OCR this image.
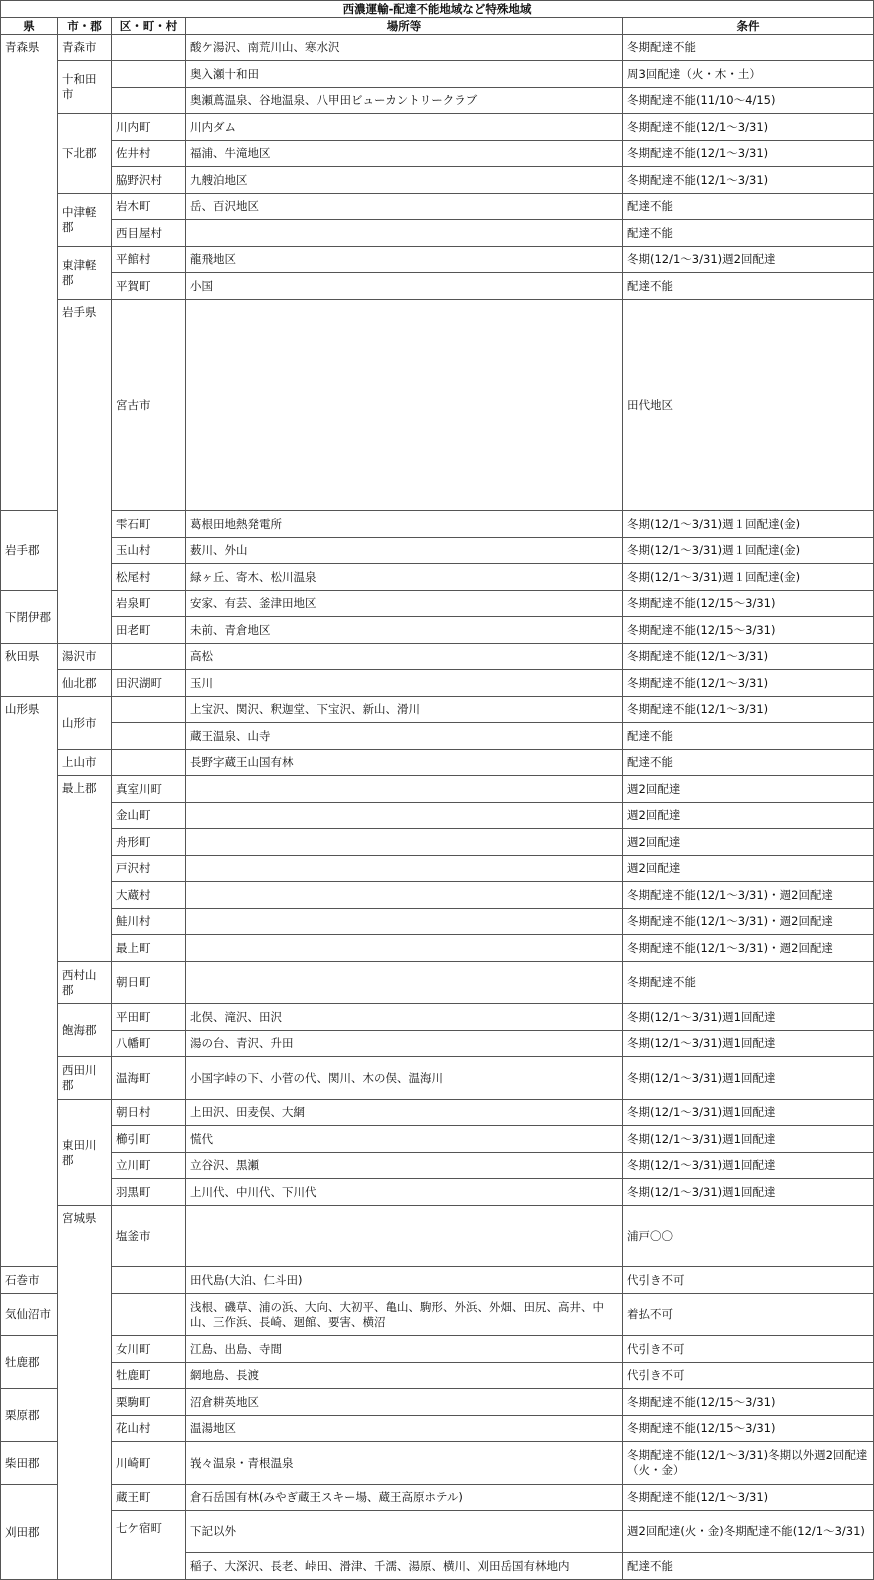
西濃運輸-配達不能地域など特殊地域					
県	市・郡	区・町・村	場所等	条件	
青森県	青森市		酸ケ湯沢、南荒川山、寒水沢	冬期配達不能	
	十和田市		奥入瀬十和田	周3回配達（火・木・土）	
			奥瀬蔦温泉、谷地温泉、八甲田ビューカントリークラブ	冬期配達不能(11/10～4/15)	
	下北郡	川内町	川内ダム	冬期配達不能(12/1～3/31)	
		佐井村	福浦、牛滝地区	冬期配達不能(12/1～3/31)	
		脇野沢村	九艘泊地区	冬期配達不能(12/1～3/31)	
	中津軽郡	岩木町	岳、百沢地区	配達不能	
		西目屋村		配達不能	
	東津軽郡	平館村	龍飛地区	冬期(12/1～3/31)週2回配達	
		平賀町	小国	配達不能	
	岩手県	宮古市		田代地区	
岩手郡		雫石町	葛根田地熱発電所	冬期(12/1～3/31)週１回配達(金)	
		玉山村	薮川、外山	冬期(12/1～3/31)週１回配達(金)	
		松尾村	緑ヶ丘、寄木、松川温泉	冬期(12/1～3/31)週１回配達(金)	
下閉伊郡		岩泉町	安家、有芸、釜津田地区	冬期配達不能(12/15～3/31)	
		田老町	未前、青倉地区	冬期配達不能(12/15～3/31)	
秋田県	湯沢市		高松	冬期配達不能(12/1～3/31)	
	仙北郡	田沢湖町	玉川	冬期配達不能(12/1～3/31)	
山形県	山形市		上宝沢、関沢、釈迦堂、下宝沢、新山、滑川	冬期配達不能(12/1～3/31)	
			蔵王温泉、山寺	配達不能	
	上山市		長野字蔵王山国有林	配達不能	
	最上郡	真室川町		週2回配達	
		金山町		週2回配達	
		舟形町		週2回配達	
		戸沢村		週2回配達	
		大蔵村		冬期配達不能(12/1～3/31)・週2回配達	
		鮭川村		冬期配達不能(12/1～3/31)・週2回配達	
		最上町		冬期配達不能(12/1～3/31)・週2回配達	
	西村山郡	朝日町		冬期配達不能	
	飽海郡	平田町	北俣、滝沢、田沢	冬期(12/1～3/31)週1回配達	
		八幡町	湯の台、青沢、升田	冬期(12/1～3/31)週1回配達	
	西田川郡	温海町	小国字峠の下、小菅の代、関川、木の俣、温海川	冬期(12/1～3/31)週1回配達	
	東田川郡	朝日村	上田沢、田麦俣、大網	冬期(12/1～3/31)週1回配達	
		櫛引町	慌代	冬期(12/1～3/31)週1回配達	
		立川町	立谷沢、黒瀬	冬期(12/1～3/31)週1回配達	
		羽黒町	上川代、中川代、下川代	冬期(12/1～3/31)週1回配達	
	宮城県	塩釜市		浦戸〇〇	
石巻市			田代島(大泊、仁斗田)	代引き不可	
気仙沼市			浅根、磯草、浦の浜、大向、大初平、亀山、駒形、外浜、外畑、田尻、高井、中山、三作浜、長崎、廻館、要害、横沼	着払不可	
牡鹿郡		女川町	江島、出島、寺間	代引き不可	
		牡鹿町	網地島、長渡	代引き不可	
栗原郡		栗駒町	沼倉耕英地区	冬期配達不能(12/15～3/31)	
		花山村	温湯地区	冬期配達不能(12/15～3/31)	
柴田郡		川崎町	峩々温泉・青根温泉	冬期配達不能(12/1～3/31)冬期以外週2回配達（火・金）	
刈田郡		蔵王町	倉石岳国有林(みやぎ蔵王スキー場、蔵王高原ホテル)	冬期配達不能(12/1～3/31)	
		七ケ宿町	下記以外	週2回配達(火・金)冬期配達不能(12/1～3/31)	
			稲子、大深沢、長老、峠田、滑津、千濡、湯原、横川、刈田岳国有林地内	配達不能	
